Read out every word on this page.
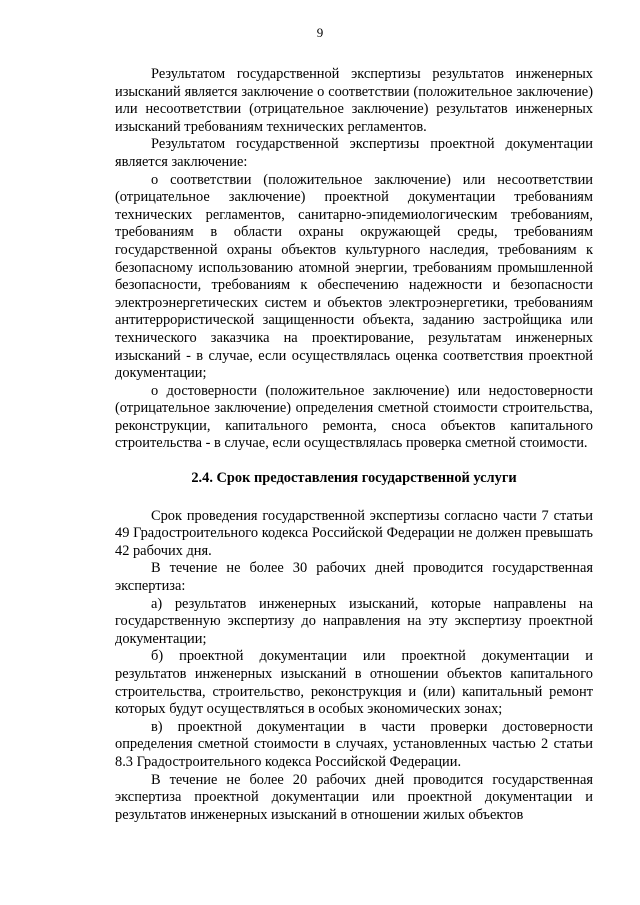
9

Результатом государственной экспертизы результатов инженерных изысканий является заключение о соответствии (положительное заключение) или несоответствии (отрицательное заключение) результатов инженерных изысканий требованиям технических регламентов.

Результатом государственной экспертизы проектной документации является заключение:

о соответствии (положительное заключение) или несоответствии (отрицательное заключение) проектной документации требованиям технических регламентов, санитарно-эпидемиологическим требованиям, требованиям в области охраны окружающей среды, требованиям государственной охраны объектов культурного наследия, требованиям к безопасному использованию атомной энергии, требованиям промышленной безопасности, требованиям к обеспечению надежности и безопасности электроэнергетических систем и объектов электроэнергетики, требованиям антитеррористической защищенности объекта, заданию застройщика или технического заказчика на проектирование, результатам инженерных изысканий - в случае, если осуществлялась оценка соответствия проектной документации;

о достоверности (положительное заключение) или недостоверности (отрицательное заключение) определения сметной стоимости строительства, реконструкции, капитального ремонта, сноса объектов капитального строительства - в случае, если осуществлялась проверка сметной стоимости.

2.4. Срок предоставления государственной услуги

Срок проведения государственной экспертизы согласно части 7 статьи 49 Градостроительного кодекса Российской Федерации не должен превышать 42 рабочих дня.

В течение не более 30 рабочих дней проводится государственная экспертиза:

а) результатов инженерных изысканий, которые направлены на государственную экспертизу до направления на эту экспертизу проектной документации;

б) проектной документации или проектной документации и результатов инженерных изысканий в отношении объектов капитального строительства, строительство, реконструкция и (или) капитальный ремонт которых будут осуществляться в особых экономических зонах;

в) проектной документации в части проверки достоверности определения сметной стоимости в случаях, установленных частью 2 статьи 8.3 Градостроительного кодекса Российской Федерации.

В течение не более 20 рабочих дней проводится государственная экспертиза проектной документации или проектной документации и результатов инженерных изысканий в отношении жилых объектов
